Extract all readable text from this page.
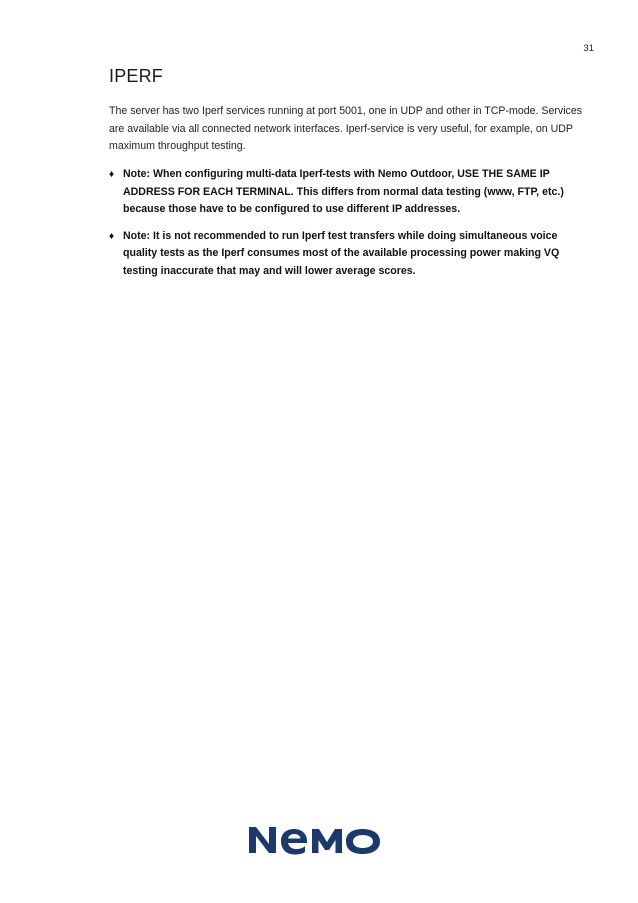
31
IPERF

The server has two Iperf services running at port 5001, one in UDP and other in TCP-mode. Services are available via all connected network interfaces. Iperf-service is very useful, for example, on UDP maximum throughput testing.

♦ Note: When configuring multi-data Iperf-tests with Nemo Outdoor, USE THE SAME IP ADDRESS FOR EACH TERMINAL. This differs from normal data testing (www, FTP, etc.) because those have to be configured to use different IP addresses.
♦ Note: It is not recommended to run Iperf test transfers while doing simultaneous voice quality tests as the Iperf consumes most of the available processing power making VQ testing inaccurate that may and will lower average scores.
